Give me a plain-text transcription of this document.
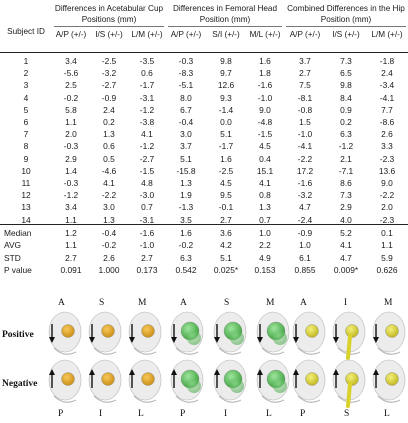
Subject ID
Differences in Acetabular Cup Positions (mm)
Differences in Femoral Head Position (mm)
Combined Differences in the Hip Position (mm)
A/P (+/-)	I/S (+/-)	L/M (+/-) A/P (+/-)	S/I (+/-)	M/L (+/-)	A/P (+/-)	I/S (+/-)	L/M (+/-)
1	3.4	-2.5	-3.5	-0.3	9.8	1.6	3.7	7.3	-1.8
2	-5.6	-3.2	0.6	-8.3	9.7	1.8	2.7	6.5	2.4
3	2.5	-2.7	-1.7	-5.1	12.6	-1.6	7.5	9.8	-3.4
4	-0.2	-0.9	-3.1	8.0	9.3	-1.0	-8.1	8.4	-4.1
5	5.8	2.4	-1.2	6.7	-1.4	9.0	-0.8	0.9	7.7
6	1.1	0.2	-3.8	-0.4	0.0	-4.8	1.5	0.2	-8.6
7	2.0	1.3	4.1	3.0	5.1	-1.5	-1.0	6.3	2.6
8	-0.3	0.6	-1.2	3.7	-1.7	4.5	-4.1	-1.2	3.3
9	2.9	0.5	-2.7	5.1	1.6	0.4	-2.2	2.1	-2.3
10	1.4	-4.6	-1.5	-15.8	-2.5	15.1	17.2	-7.1	13.6
11	-0.3	4.1	4.8	1.3	4.5	4.1	-1.6	8.6	9.0
12	-1.2	-2.2	-3.0	1.9	9.5	0.8	-3.2	7.3	-2.2
13	3.4	3.0	0.7	-1.3	-0.1	1.3	4.7	2.9	2.0
14	1.1	1.3	-3.1	3.5	2.7	0.7	-2.4	4.0	-2.3
Median	1.2	-0.4	-1.6	1.6	3.6	1.0	-0.9	5.2	0.1
AVG	1.1	-0.2	-1.0	-0.2	4.2	2.2	1.0	4.1	1.1
STD	2.7	2.6	2.7	6.3	5.1	4.9	6.1	4.7	5.9
P value	0.091	1.000	0.173	0.542	0.025*	0.153	0.855	0.009*	0.626
Positive
Negative
A	S	M	A	S	M	A	I	M
P	I	L	P	I	L	P	S	L
